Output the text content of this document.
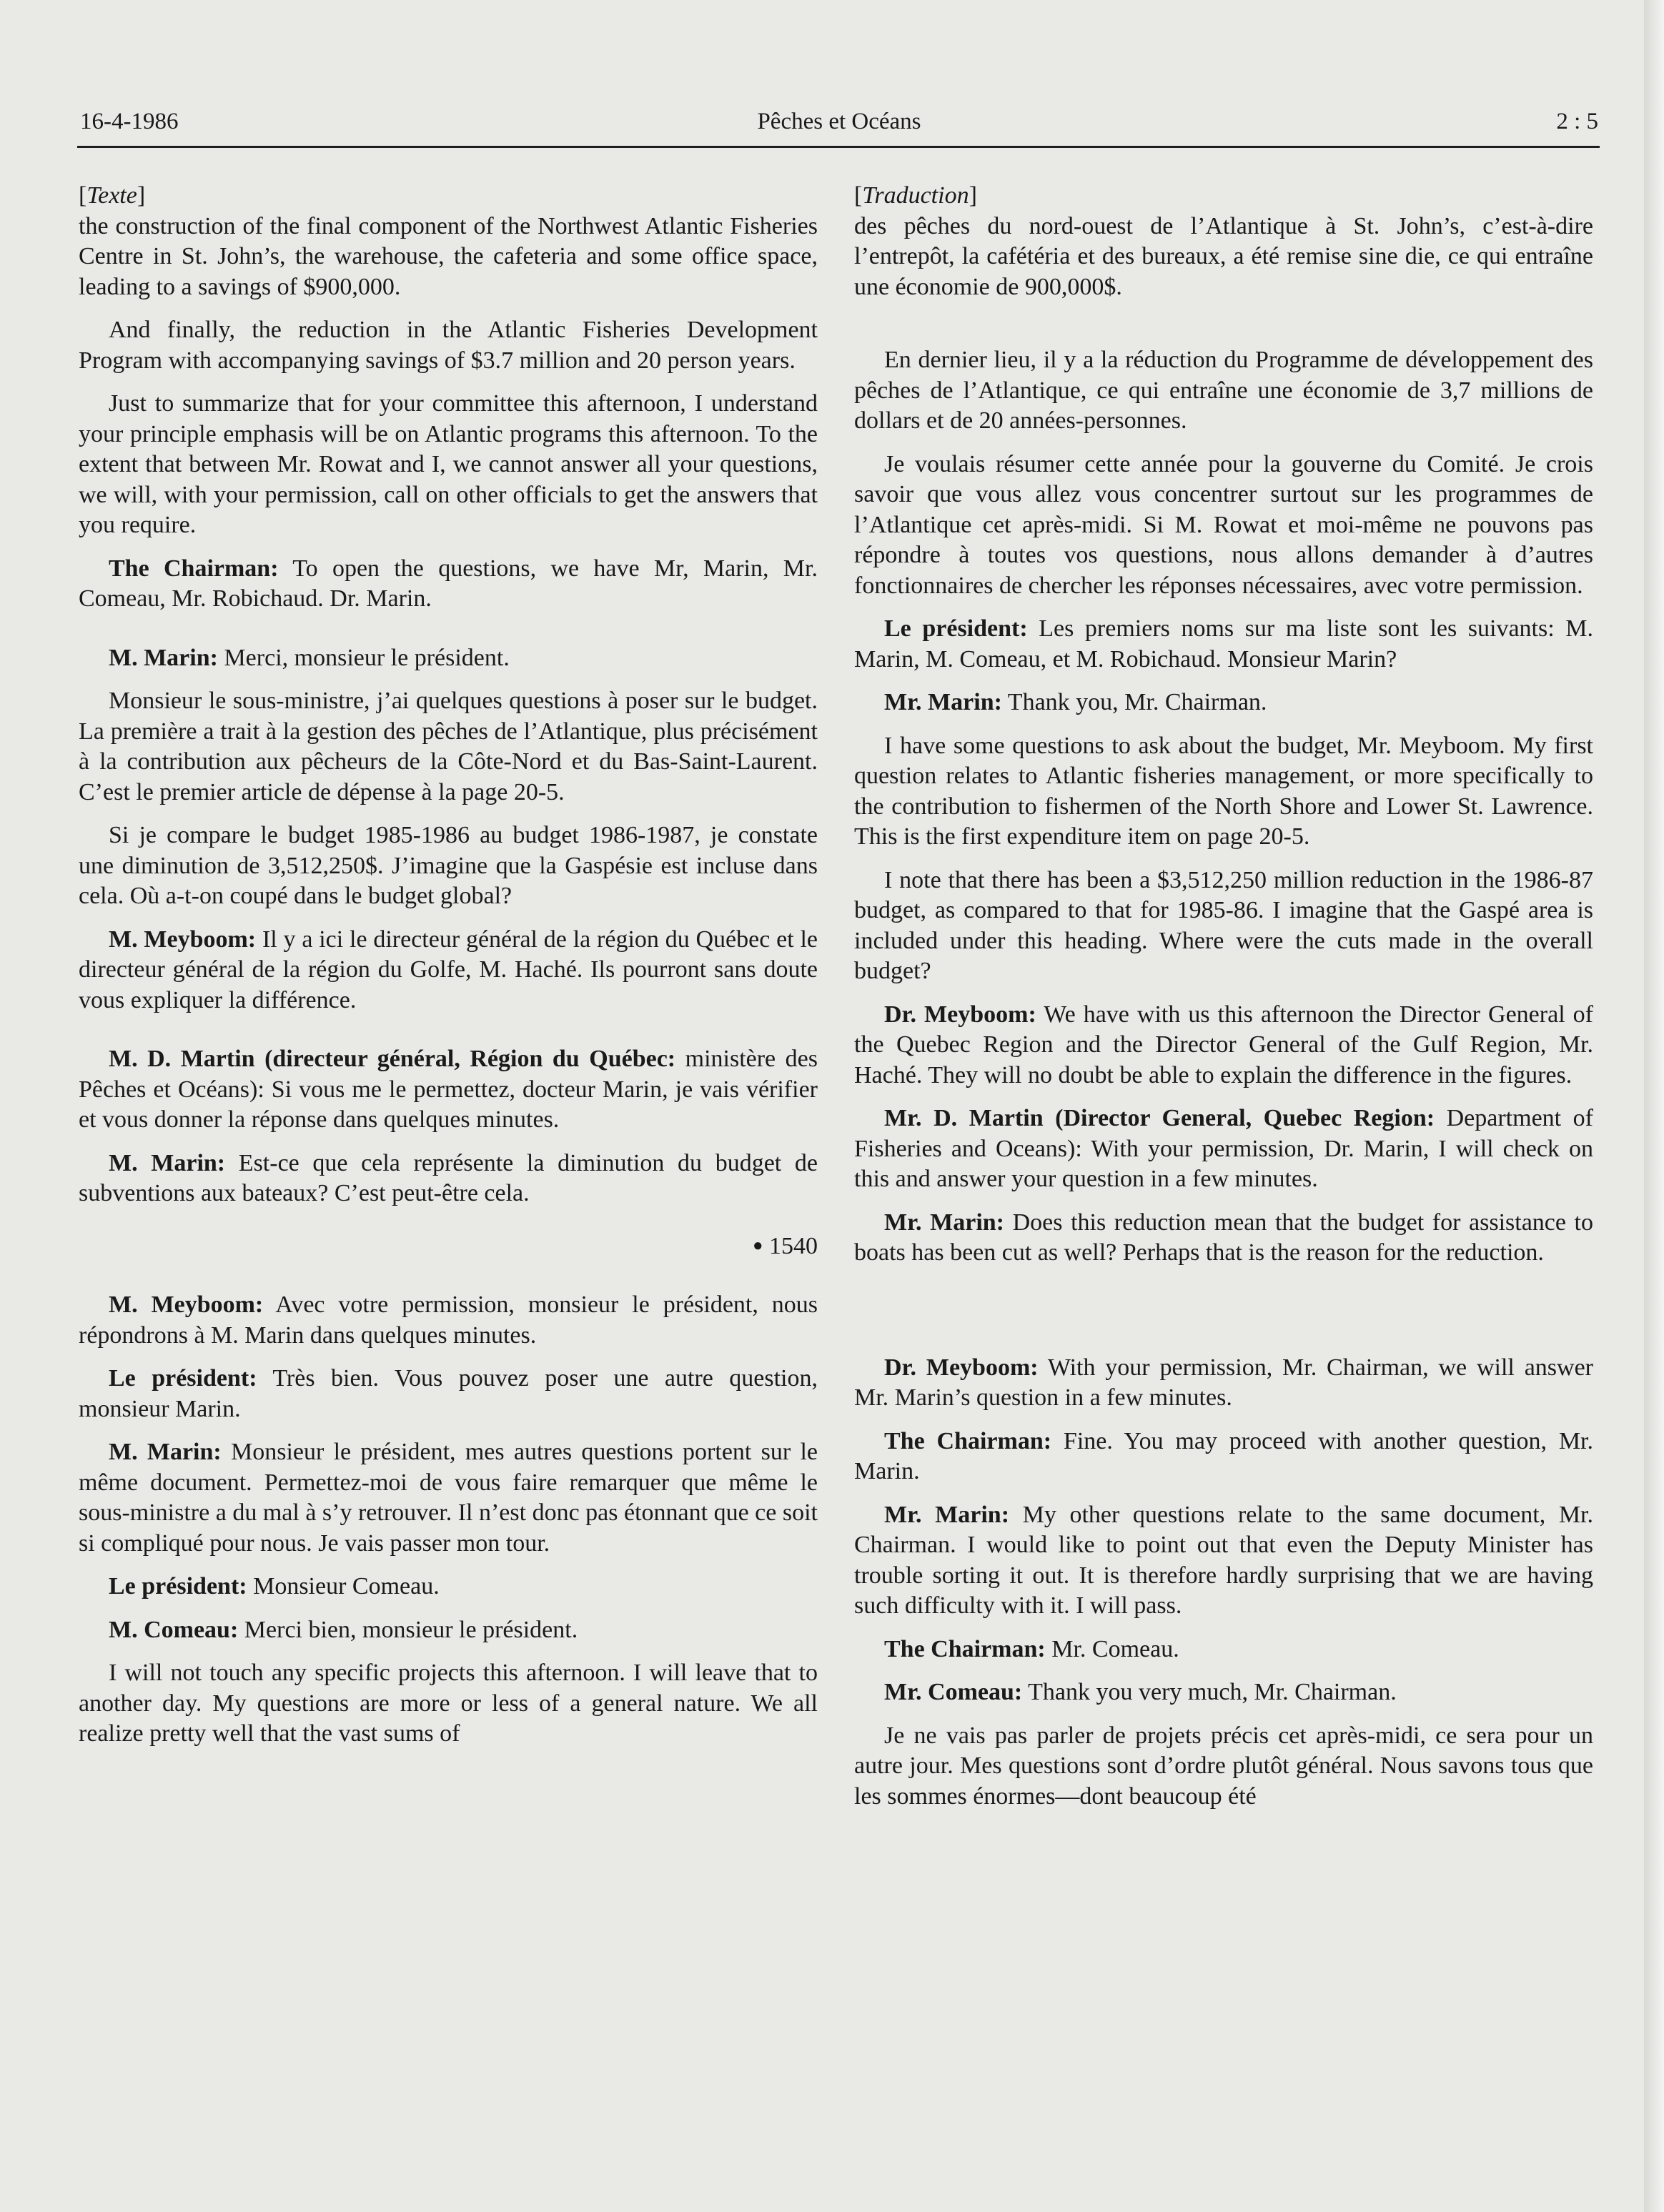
16-4-1986	Pêches et Océans	2 : 5
[Texte]

the construction of the final component of the Northwest Atlantic Fisheries Centre in St. John’s, the warehouse, the cafeteria and some office space, leading to a savings of $900,000.

And finally, the reduction in the Atlantic Fisheries Development Program with accompanying savings of $3.7 million and 20 person years.

Just to summarize that for your committee this afternoon, I understand your principle emphasis will be on Atlantic programs this afternoon. To the extent that between Mr. Rowat and I, we cannot answer all your questions, we will, with your permission, call on other officials to get the answers that you require.

The Chairman: To open the questions, we have Mr, Marin, Mr. Comeau, Mr. Robichaud. Dr. Marin.

M. Marin: Merci, monsieur le président.

Monsieur le sous-ministre, j’ai quelques questions à poser sur le budget. La première a trait à la gestion des pêches de l’Atlantique, plus précisément à la contribution aux pêcheurs de la Côte-Nord et du Bas-Saint-Laurent. C’est le premier article de dépense à la page 20-5.

Si je compare le budget 1985-1986 au budget 1986-1987, je constate une diminution de 3,512,250$. J’imagine que la Gaspésie est incluse dans cela. Où a-t-on coupé dans le budget global?

M. Meyboom: Il y a ici le directeur général de la région du Québec et le directeur général de la région du Golfe, M. Haché. Ils pourront sans doute vous expliquer la différence.

M. D. Martin (directeur général, Région du Québec: ministère des Pêches et Océans): Si vous me le permettez, docteur Marin, je vais vérifier et vous donner la réponse dans quelques minutes.

M. Marin: Est-ce que cela représente la diminution du budget de subventions aux bateaux? C’est peut-être cela.

● 1540

M. Meyboom: Avec votre permission, monsieur le président, nous répondrons à M. Marin dans quelques minutes.

Le président: Très bien. Vous pouvez poser une autre question, monsieur Marin.

M. Marin: Monsieur le président, mes autres questions portent sur le même document. Permettez-moi de vous faire remarquer que même le sous-ministre a du mal à s’y retrouver. Il n’est donc pas étonnant que ce soit si compliqué pour nous. Je vais passer mon tour.

Le président: Monsieur Comeau.

M. Comeau: Merci bien, monsieur le président.

I will not touch any specific projects this afternoon. I will leave that to another day. My questions are more or less of a general nature. We all realize pretty well that the vast sums of

[Traduction]

des pêches du nord-ouest de l’Atlantique à St. John’s, c’est-à-dire l’entrepôt, la cafétéria et des bureaux, a été remise sine die, ce qui entraîne une économie de 900,000$.

En dernier lieu, il y a la réduction du Programme de développement des pêches de l’Atlantique, ce qui entraîne une économie de 3,7 millions de dollars et de 20 années-personnes.

Je voulais résumer cette année pour la gouverne du Comité. Je crois savoir que vous allez vous concentrer surtout sur les programmes de l’Atlantique cet après-midi. Si M. Rowat et moi-même ne pouvons pas répondre à toutes vos questions, nous allons demander à d’autres fonctionnaires de chercher les réponses nécessaires, avec votre permission.

Le président: Les premiers noms sur ma liste sont les suivants: M. Marin, M. Comeau, et M. Robichaud. Monsieur Marin?

Mr. Marin: Thank you, Mr. Chairman.

I have some questions to ask about the budget, Mr. Meyboom. My first question relates to Atlantic fisheries management, or more specifically to the contribution to fishermen of the North Shore and Lower St. Lawrence. This is the first expenditure item on page 20-5.

I note that there has been a $3,512,250 million reduction in the 1986-87 budget, as compared to that for 1985-86. I imagine that the Gaspé area is included under this heading. Where were the cuts made in the overall budget?

Dr. Meyboom: We have with us this afternoon the Director General of the Quebec Region and the Director General of the Gulf Region, Mr. Haché. They will no doubt be able to explain the difference in the figures.

Mr. D. Martin (Director General, Quebec Region: Department of Fisheries and Oceans): With your permission, Dr. Marin, I will check on this and answer your question in a few minutes.

Mr. Marin: Does this reduction mean that the budget for assistance to boats has been cut as well? Perhaps that is the reason for the reduction.

Dr. Meyboom: With your permission, Mr. Chairman, we will answer Mr. Marin’s question in a few minutes.

The Chairman: Fine. You may proceed with another question, Mr. Marin.

Mr. Marin: My other questions relate to the same document, Mr. Chairman. I would like to point out that even the Deputy Minister has trouble sorting it out. It is therefore hardly surprising that we are having such difficulty with it. I will pass.

The Chairman: Mr. Comeau.

Mr. Comeau: Thank you very much, Mr. Chairman.

Je ne vais pas parler de projets précis cet après-midi, ce sera pour un autre jour. Mes questions sont d’ordre plutôt général. Nous savons tous que les sommes énormes—dont beaucoup été
